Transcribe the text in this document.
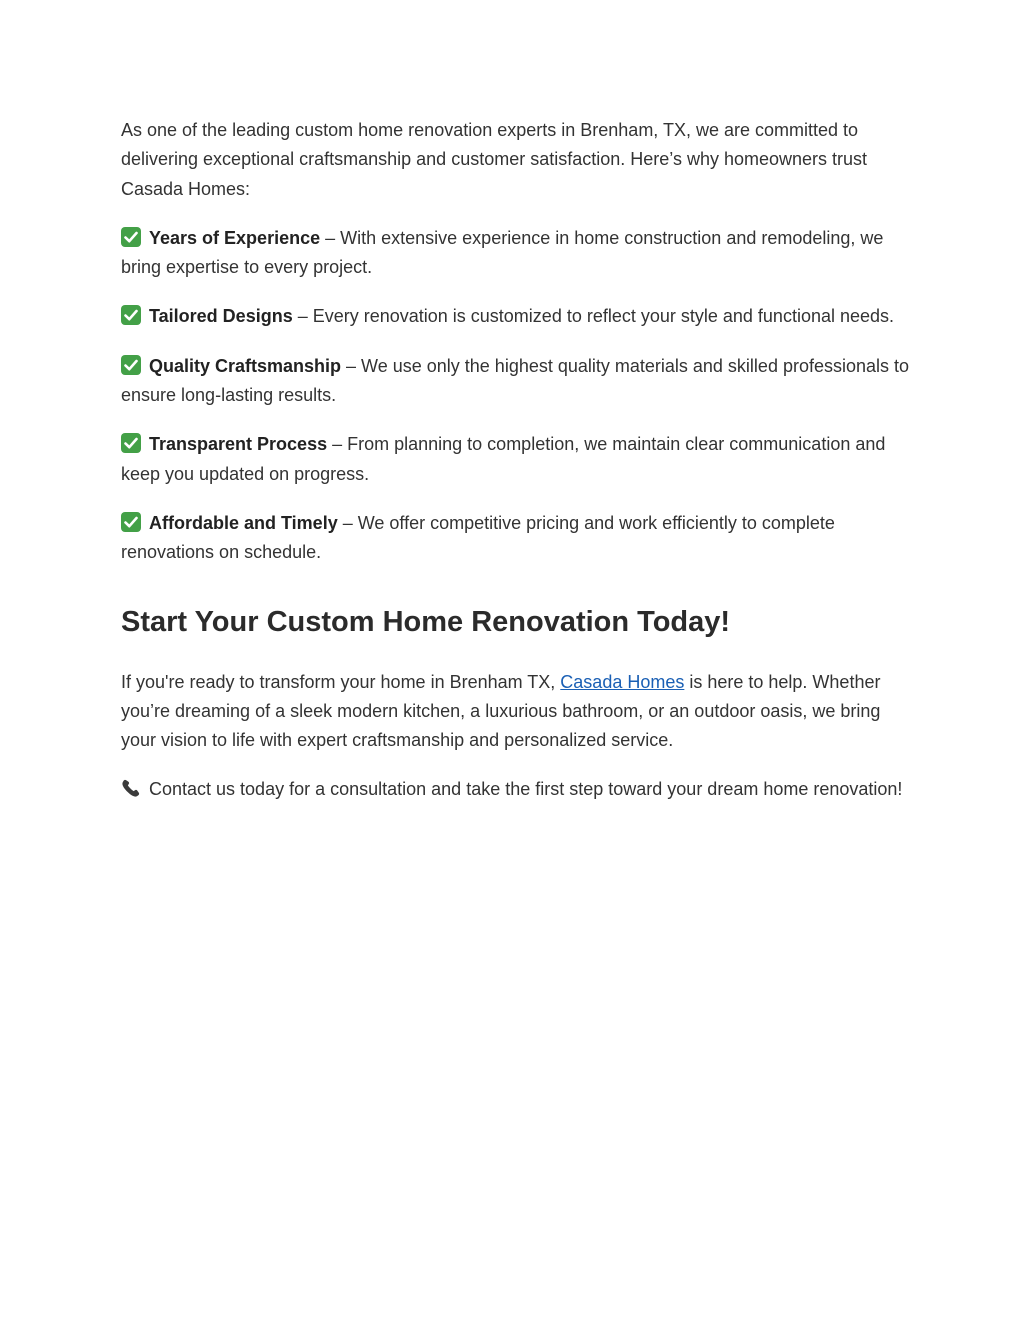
As one of the leading custom home renovation experts in Brenham, TX, we are committed to delivering exceptional craftsmanship and customer satisfaction. Here’s why homeowners trust Casada Homes:

Years of Experience – With extensive experience in home construction and remodeling, we bring expertise to every project.

Tailored Designs – Every renovation is customized to reflect your style and functional needs.

Quality Craftsmanship – We use only the highest quality materials and skilled professionals to ensure long-lasting results.

Transparent Process – From planning to completion, we maintain clear communication and keep you updated on progress.

Affordable and Timely – We offer competitive pricing and work efficiently to complete renovations on schedule.

Start Your Custom Home Renovation Today!

If you're ready to transform your home in Brenham TX, Casada Homes is here to help. Whether you’re dreaming of a sleek modern kitchen, a luxurious bathroom, or an outdoor oasis, we bring your vision to life with expert craftsmanship and personalized service.

Contact us today for a consultation and take the first step toward your dream home renovation!
